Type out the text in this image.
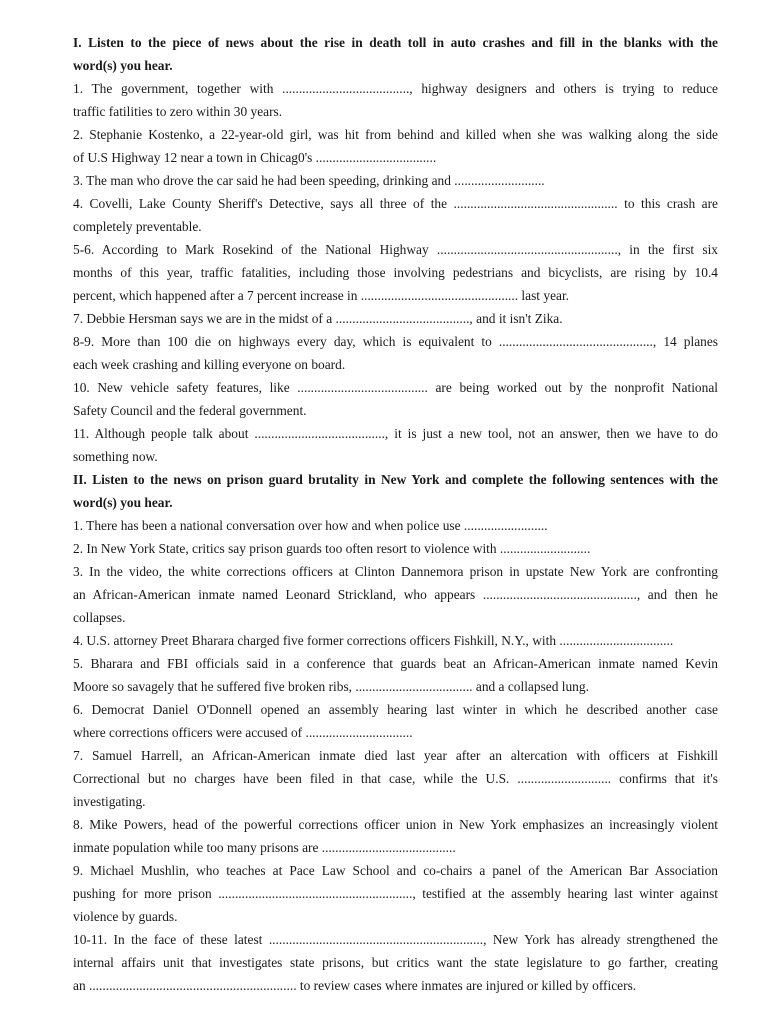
I. Listen to the piece of news about the rise in death toll in auto crashes and fill in the blanks with the
word(s) you hear.
1. The government, together with ......................................, highway designers and others is trying to reduce
traffic fatilities to zero within 30 years.
2. Stephanie Kostenko, a 22-year-old girl, was hit from behind and killed when she was walking along the side
of U.S Highway 12 near a town in Chicag0's ....................................
3. The man who drove the car said he had been speeding, drinking and ...........................
4. Covelli, Lake County Sheriff's Detective, says all three of the ................................................. to this crash are
completely preventable.
5-6. According to Mark Rosekind of the National Highway ......................................................, in the first six
months of this year, traffic fatalities, including those involving pedestrians and bicyclists, are rising by 10.4
percent, which happened after a 7 percent increase in ............................................... last year.
7. Debbie Hersman says we are in the midst of a ........................................, and it isn't Zika.
8-9. More than 100 die on highways every day, which is equivalent to .............................................., 14 planes
each week crashing and killing everyone on board.
10. New vehicle safety features, like ....................................... are being worked out by the nonprofit National
Safety Council and the federal government.
11. Although people talk about ......................................., it is just a new tool, not an answer, then we have to do
something now.
II. Listen to the news on prison guard brutality in New York and complete the following sentences with the
word(s) you hear.
1. There has been a national conversation over how and when police use .........................
2. In New York State, critics say prison guards too often resort to violence with ...........................
3. In the video, the white corrections officers at Clinton Dannemora prison in upstate New York are confronting
an African-American inmate named Leonard Strickland, who appears .............................................., and then he
collapses.
4. U.S. attorney Preet Bharara charged five former corrections officers Fishkill, N.Y., with ..................................
5. Bharara and FBI officials said in a conference that guards beat an African-American inmate named Kevin
Moore so savagely that he suffered five broken ribs, ................................... and a collapsed lung.
6. Democrat Daniel O'Donnell opened an assembly hearing last winter in which he described another case
where corrections officers were accused of ................................
7. Samuel Harrell, an African-American inmate died last year after an altercation with officers at Fishkill
Correctional but no charges have been filed in that case, while the U.S. ............................ confirms that it's
investigating.
8. Mike Powers, head of the powerful corrections officer union in New York emphasizes an increasingly violent
inmate population while too many prisons are ........................................
9. Michael Mushlin, who teaches at Pace Law School and co-chairs a panel of the American Bar Association
pushing for more prison .........................................................., testified at the assembly hearing last winter against
violence by guards.
10-11. In the face of these latest ................................................................, New York has already strengthened the
internal affairs unit that investigates state prisons, but critics want the state legislature to go farther, creating
an .............................................................. to review cases where inmates are injured or killed by officers.
